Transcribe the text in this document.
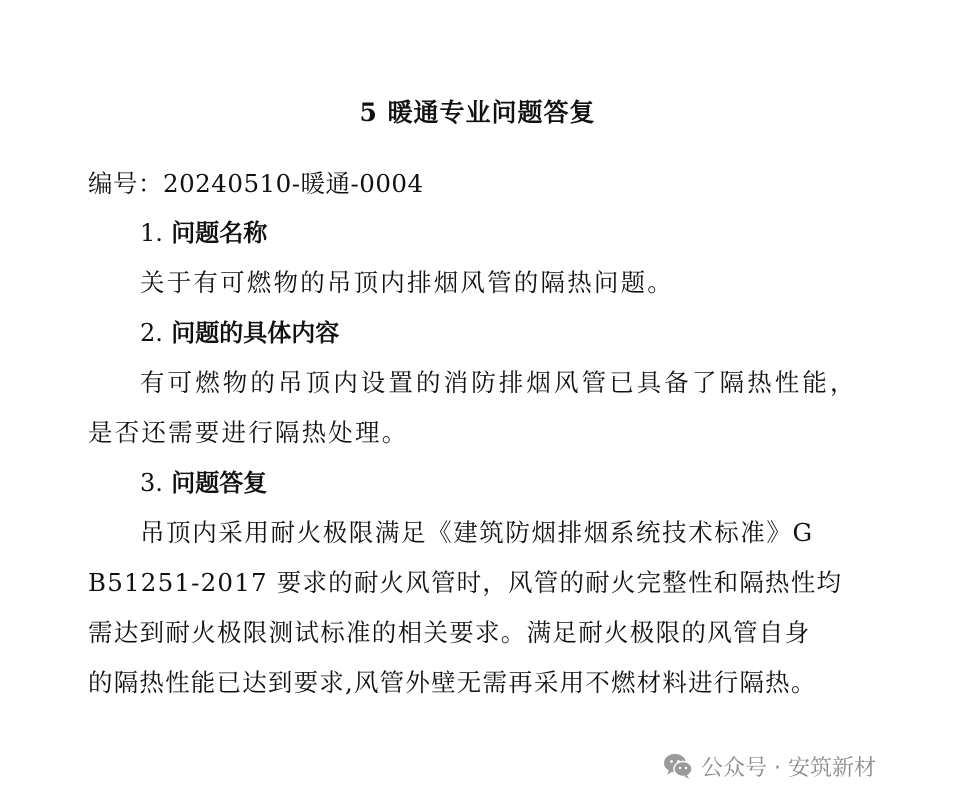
5 暖通专业问题答复
编号：20240510-暖通-0004
1. 问题名称
关于有可燃物的吊顶内排烟风管的隔热问题。
2. 问题的具体内容
有可燃物的吊顶内设置的消防排烟风管已具备了隔热性能，
是否还需要进行隔热处理。
3. 问题答复
吊顶内采用耐火极限满足《建筑防烟排烟系统技术标准》G
B51251-2017 要求的耐火风管时，风管的耐火完整性和隔热性均
需达到耐火极限测试标准的相关要求。满足耐火极限的风管自身
的隔热性能已达到要求,风管外壁无需再采用不燃材料进行隔热。
公众号 · 安筑新材
